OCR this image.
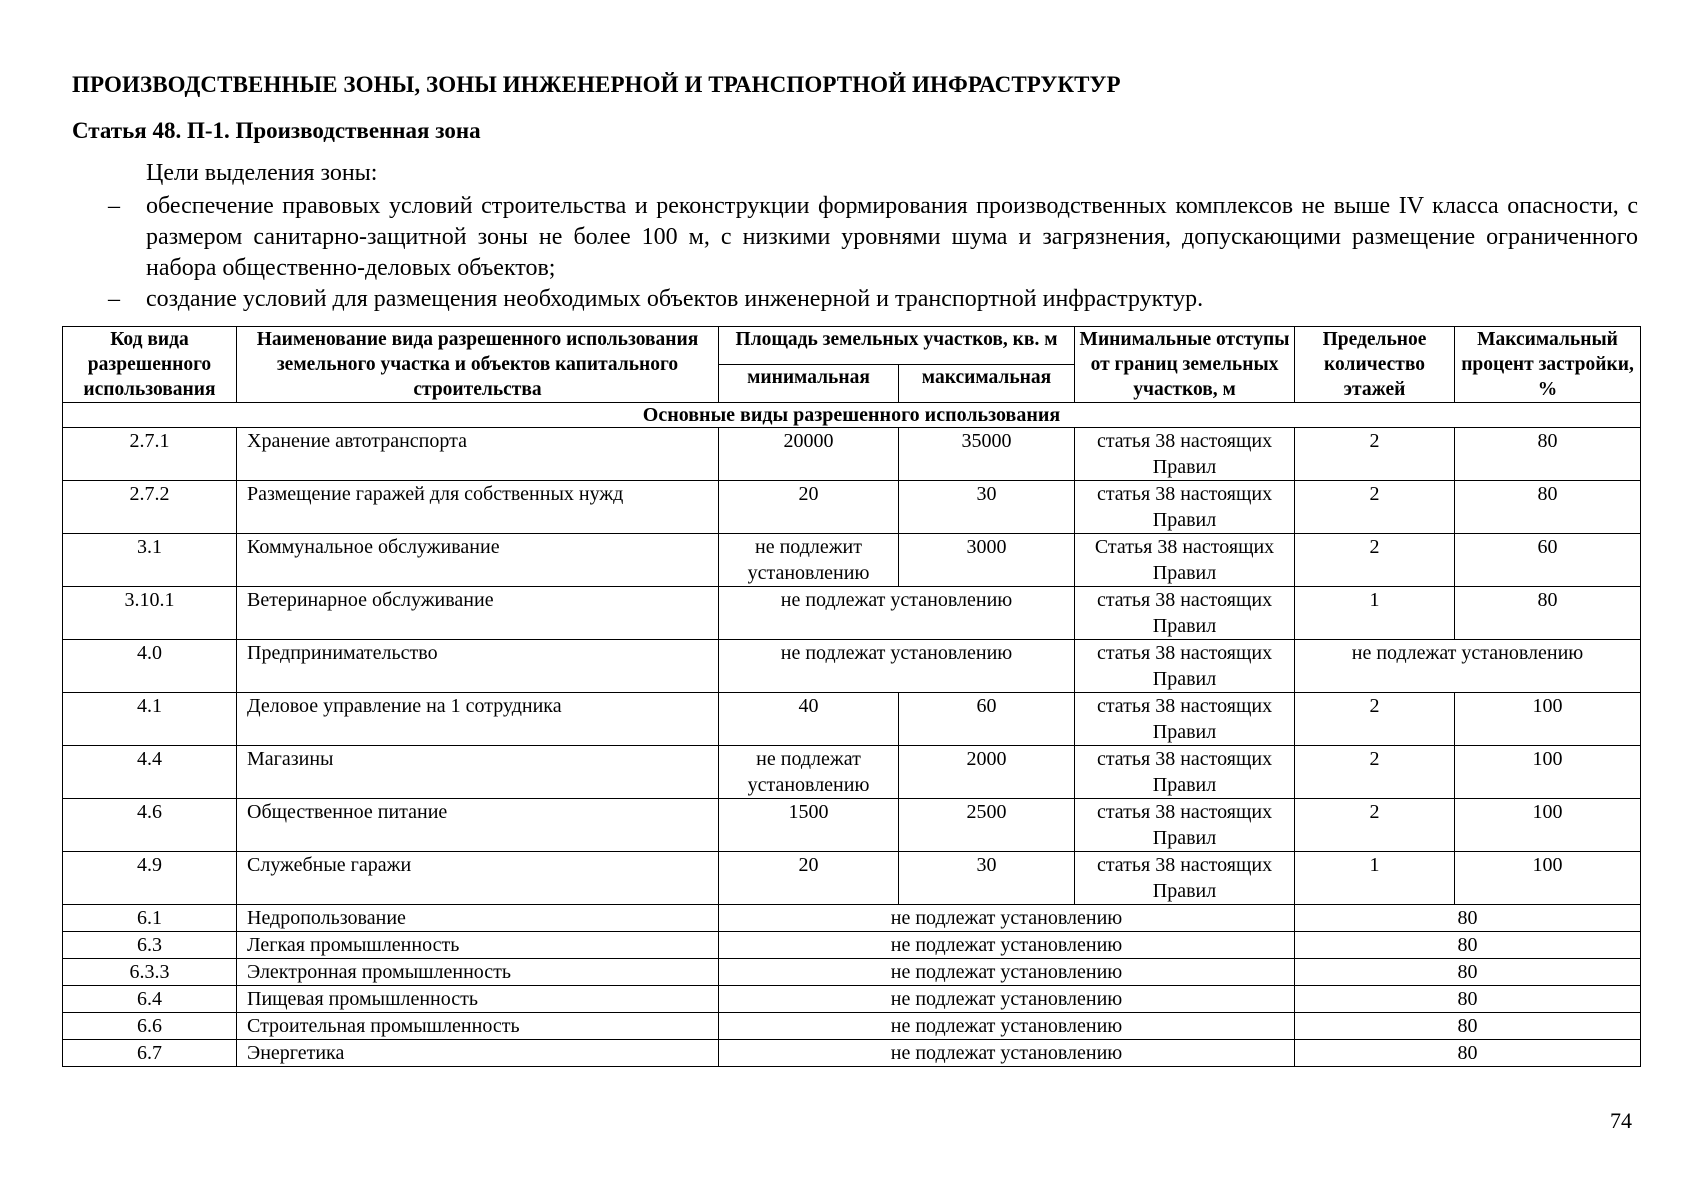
ПРОИЗВОДСТВЕННЫЕ ЗОНЫ, ЗОНЫ ИНЖЕНЕРНОЙ И ТРАНСПОРТНОЙ ИНФРАСТРУКТУР
Статья 48. П-1. Производственная зона
Цели выделения зоны:
– обеспечение правовых условий строительства и реконструкции формирования производственных комплексов не выше IV класса опасности, с размером санитарно-защитной зоны не более 100 м, с низкими уровнями шума и загрязнения, допускающими размещение ограниченного набора общественно-деловых объектов;
– создание условий для размещения необходимых объектов инженерной и транспортной инфраструктур.
Код вида разрешенного использования	Наименование вида разрешенного использования земельного участка и объектов капитального строительства	Площадь земельных участков, кв. м		Минимальные отступы от границ земельных участков, м	Предельное количество этажей	Максимальный процент застройки, %
		минимальная	максимальная			
Основные виды разрешенного использования						
2.7.1	Хранение автотранспорта	20000	35000	статья 38 настоящих Правил	2	80
2.7.2	Размещение гаражей для собственных нужд	20	30	статья 38 настоящих Правил	2	80
3.1	Коммунальное обслуживание	не подлежит установлению	3000	Статья 38 настоящих Правил	2	60
3.10.1	Ветеринарное обслуживание	не подлежат установлению		статья 38 настоящих Правил	1	80
4.0	Предпринимательство	не подлежат установлению		статья 38 настоящих Правил	не подлежат установлению	
4.1	Деловое управление на 1 сотрудника	40	60	статья 38 настоящих Правил	2	100
4.4	Магазины	не подлежат установлению	2000	статья 38 настоящих Правил	2	100
4.6	Общественное питание	1500	2500	статья 38 настоящих Правил	2	100
4.9	Служебные гаражи	20	30	статья 38 настоящих Правил	1	100
6.1	Недропользование	не подлежат установлению			80	
6.3	Легкая промышленность	не подлежат установлению			80	
6.3.3	Электронная промышленность	не подлежат установлению			80	
6.4	Пищевая промышленность	не подлежат установлению			80	
6.6	Строительная промышленность	не подлежат установлению			80	
6.7	Энергетика	не подлежат установлению			80	
74
